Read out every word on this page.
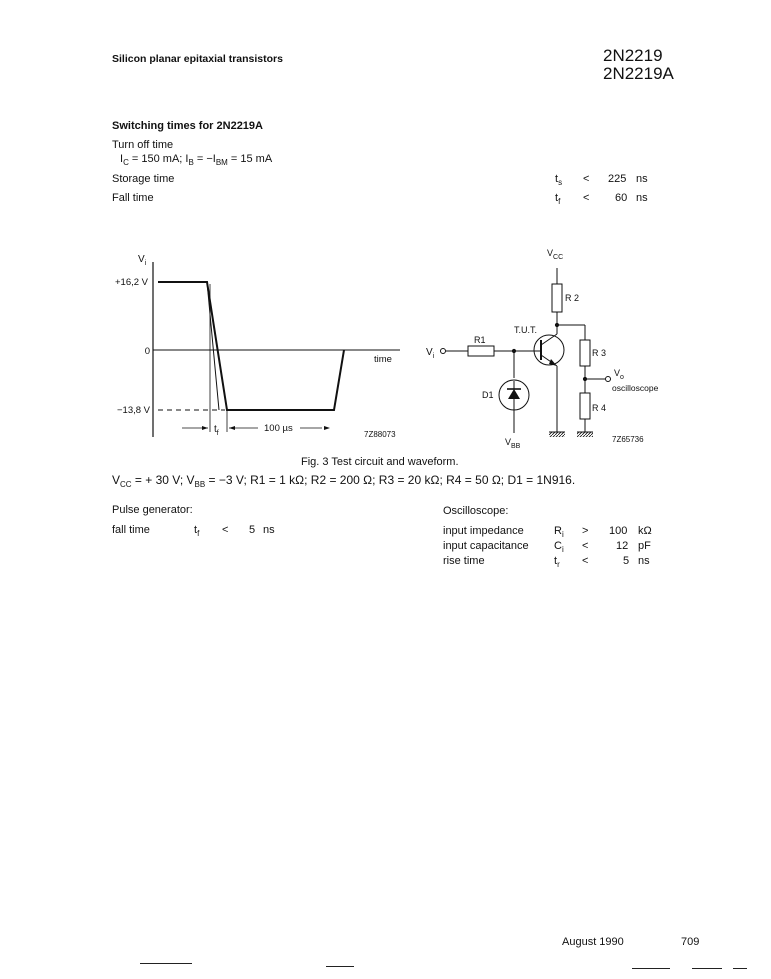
Silicon planar epitaxial transistors	2N2219
2N2219A
Switching times for 2N2219A
Turn off time
$I_C = 150$ mA; $I_B = -I_{BM} = 15$ mA
Storage time	$t_s < 225$ ns
Fall time	$t_f < 60$ ns
$V_i$
+16,2 V
0
−13,8 V
time
$t_f$	100 µs
7Z88073
$V_{CC}$
R 2
T.U.T.
R1
$V_i$	R 3
$V_o$
oscilloscope
D1
R 4
$V_{BB}$
7Z65736
Fig. 3 Test circuit and waveform.
$V_{CC}$ = + 30 V; $V_{BB} = -3$ V; R1 = 1 kΩ; R2 = 200 Ω; R3 = 20 kΩ; R4 = 50 Ω; D1 = 1N916.
Pulse generator:
fall time	$t_f < 5$ ns
Oscilloscope:
input impedance	$R_i > 100$ kΩ
input capacitance $C_i$ <	12 pF
rise time	$t_r$ <	5 ns
August 1990	709
